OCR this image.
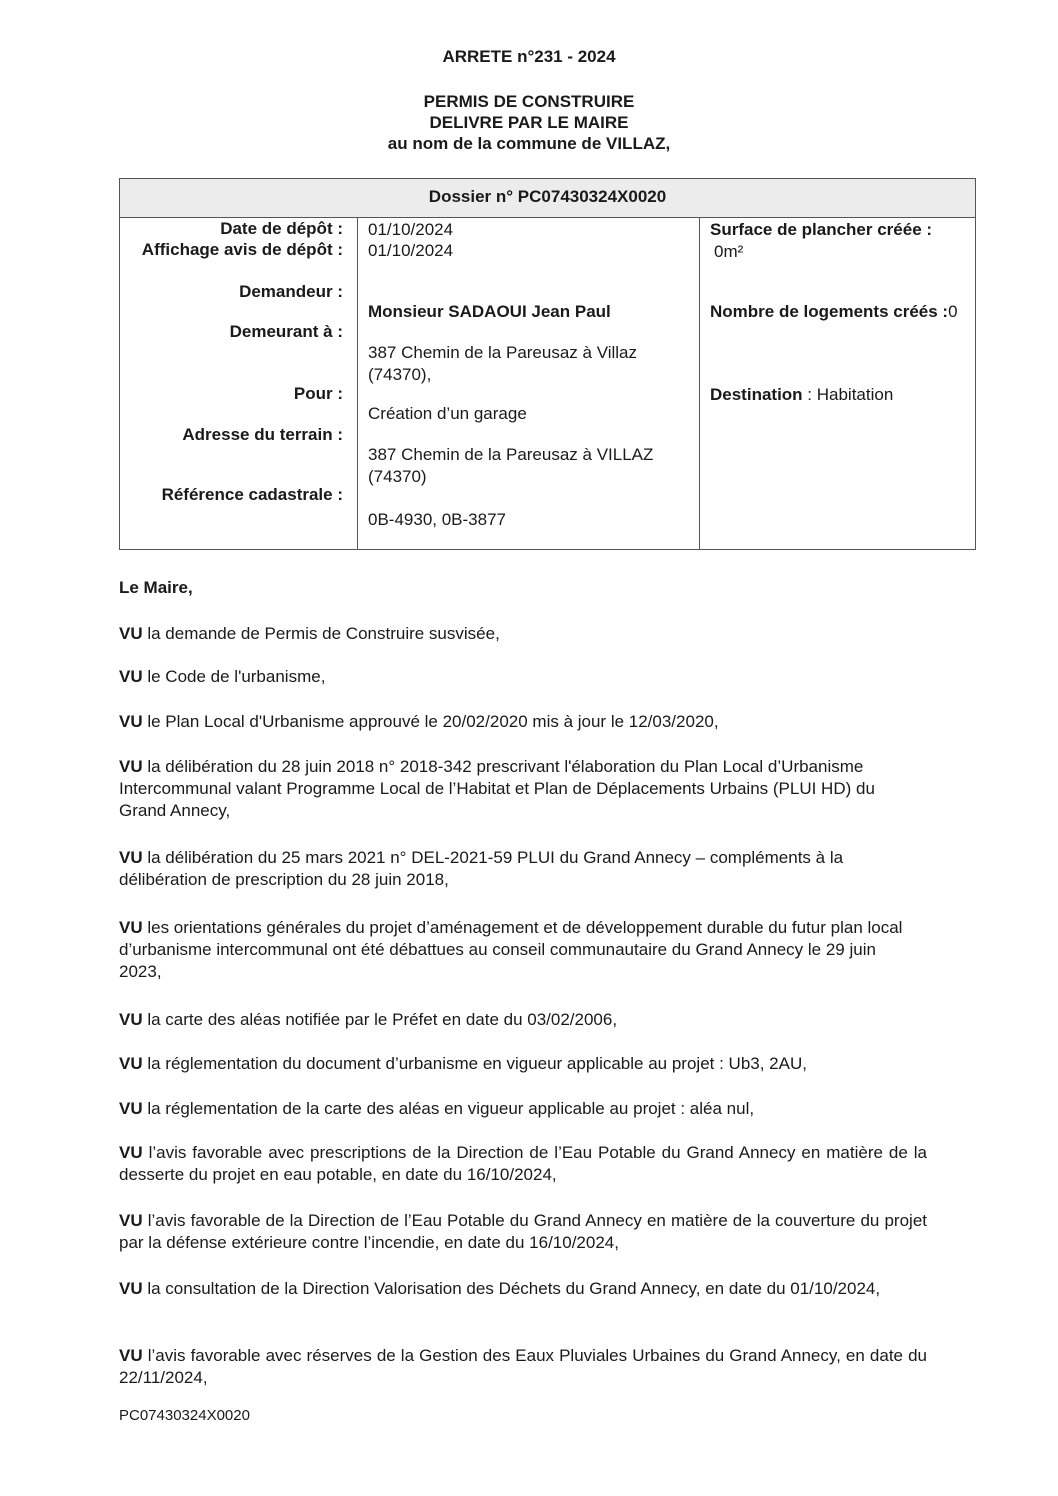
ARRETE n°231 - 2024
PERMIS DE CONSTRUIRE
DELIVRE PAR LE MAIRE
au nom de la commune de VILLAZ,
Dossier n° PC07430324X0020
Date de dépôt :
Affichage avis de dépôt :
Demandeur :
Demeurant à :
Pour :
Adresse du terrain :
Référence cadastrale :
01/10/2024
01/10/2024
Monsieur SADAOUI Jean Paul
387 Chemin de la Pareusaz à Villaz (74370),
Création d’un garage
387 Chemin de la Pareusaz à VILLAZ (74370)
0B-4930, 0B-3877
Surface de plancher créée :
0m²
Nombre de logements créés :0
Destination : Habitation
Le Maire,
VU la demande de Permis de Construire susvisée,
VU le Code de l'urbanisme,
VU le Plan Local d'Urbanisme approuvé le 20/02/2020 mis à jour le 12/03/2020,
VU la délibération du 28 juin 2018 n° 2018-342 prescrivant l'élaboration du Plan Local d’Urbanisme Intercommunal valant Programme Local de l’Habitat et Plan de Déplacements Urbains (PLUI HD) du Grand Annecy,
VU la délibération du 25 mars 2021 n° DEL-2021-59 PLUI du Grand Annecy – compléments à la délibération de prescription du 28 juin 2018,
VU les orientations générales du projet d’aménagement et de développement durable du futur plan local d’urbanisme intercommunal ont été débattues au conseil communautaire du Grand Annecy le 29 juin 2023,
VU la carte des aléas notifiée par le Préfet en date du 03/02/2006,
VU la réglementation du document d’urbanisme en vigueur applicable au projet : Ub3, 2AU,
VU la réglementation de la carte des aléas en vigueur applicable au projet : aléa nul,
VU l’avis favorable avec prescriptions de la Direction de l’Eau Potable du Grand Annecy en matière de la desserte du projet en eau potable, en date du 16/10/2024,
VU l’avis favorable de la Direction de l’Eau Potable du Grand Annecy en matière de la couverture du projet par la défense extérieure contre l’incendie, en date du 16/10/2024,
VU la consultation de la Direction Valorisation des Déchets du Grand Annecy, en date du 01/10/2024,
VU l’avis favorable avec réserves de la Gestion des Eaux Pluviales Urbaines du Grand Annecy, en date du 22/11/2024,
PC07430324X0020
